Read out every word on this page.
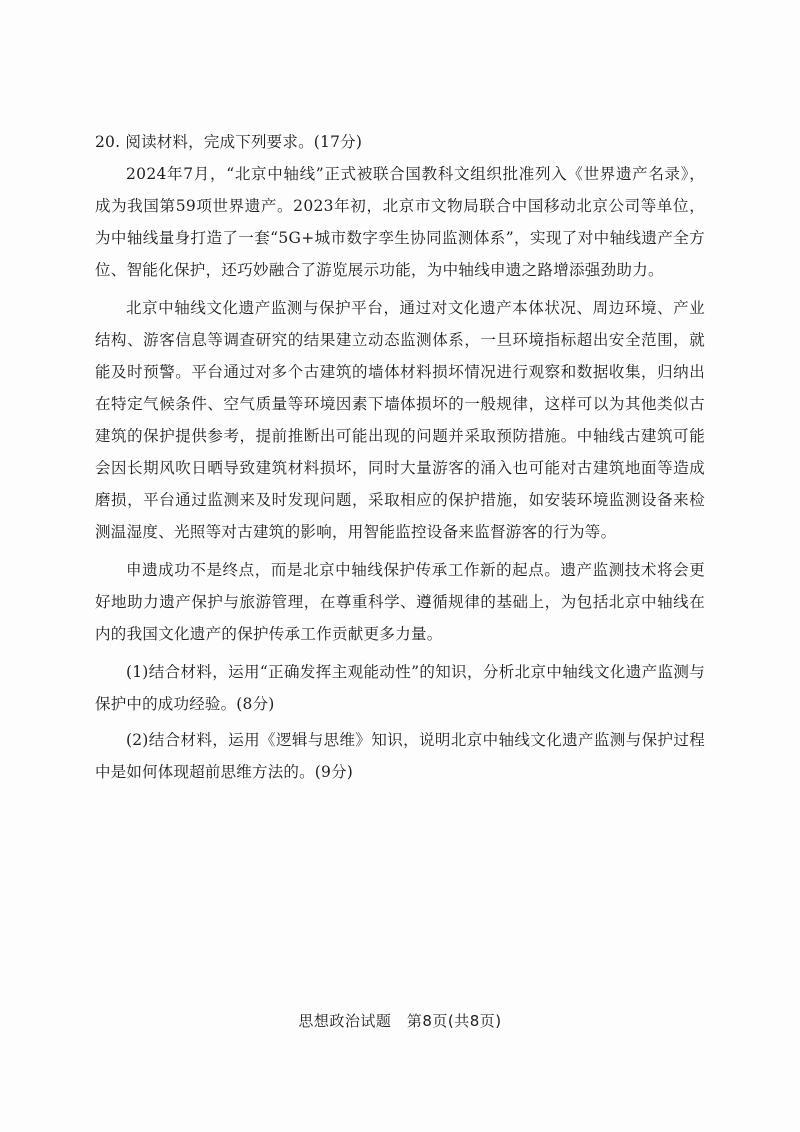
20. 阅读材料，完成下列要求。(17分)

2024年7月，“北京中轴线”正式被联合国教科文组织批准列入《世界遗产名录》，成为我国第59项世界遗产。2023年初，北京市文物局联合中国移动北京公司等单位，为中轴线量身打造了一套“5G+城市数字孪生协同监测体系”，实现了对中轴线遗产全方位、智能化保护，还巧妙融合了游览展示功能，为中轴线申遗之路增添强劲助力。

北京中轴线文化遗产监测与保护平台，通过对文化遗产本体状况、周边环境、产业结构、游客信息等调查研究的结果建立动态监测体系，一旦环境指标超出安全范围，就能及时预警。平台通过对多个古建筑的墙体材料损坏情况进行观察和数据收集，归纳出在特定气候条件、空气质量等环境因素下墙体损坏的一般规律，这样可以为其他类似古建筑的保护提供参考，提前推断出可能出现的问题并采取预防措施。中轴线古建筑可能会因长期风吹日晒导致建筑材料损坏，同时大量游客的涌入也可能对古建筑地面等造成磨损，平台通过监测来及时发现问题，采取相应的保护措施，如安装环境监测设备来检测温湿度、光照等对古建筑的影响，用智能监控设备来监督游客的行为等。

申遗成功不是终点，而是北京中轴线保护传承工作新的起点。遗产监测技术将会更好地助力遗产保护与旅游管理，在尊重科学、遵循规律的基础上，为包括北京中轴线在内的我国文化遗产的保护传承工作贡献更多力量。

(1)结合材料，运用“正确发挥主观能动性”的知识，分析北京中轴线文化遗产监测与保护中的成功经验。(8分)

(2)结合材料，运用《逻辑与思维》知识，说明北京中轴线文化遗产监测与保护过程中是如何体现超前思维方法的。(9分)

思想政治试题　第8页(共8页)
